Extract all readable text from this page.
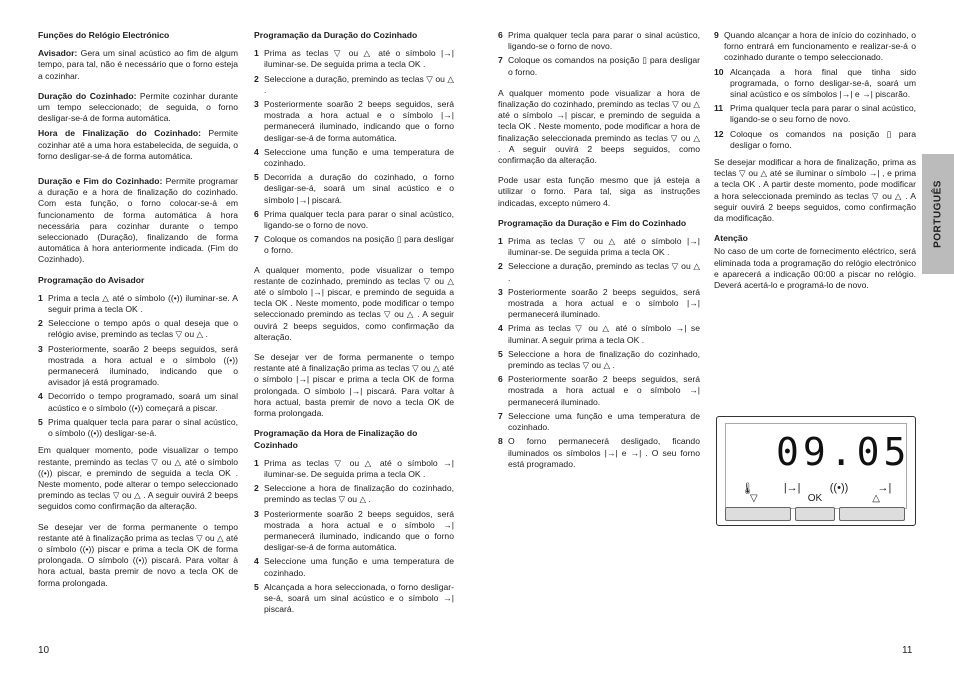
Funções do Relógio Electrónico

Avisador: Gera um sinal acústico ao fim de algum tempo, para tal, não é necessário que o forno esteja a cozinhar.

Duração do Cozinhado: Permite cozinhar durante um tempo seleccionado; de seguida, o forno desligar-se-á de forma automática.

Hora de Finalização do Cozinhado: Permite cozinhar até a uma hora estabelecida, de seguida, o forno desligar-se-á de forma automática.

Duração e Fim do Cozinhado: Permite programar a duração e a hora de finalização do cozinhado. Com esta função, o forno colocar-se-á em funcionamento de forma automática à hora necessária para cozinhar durante o tempo seleccionado (Duração), finalizando de forma automática à hora anteriormente indicada. (Fim do Cozinhado).

Programação do Avisador
1 Prima a tecla △ até o símbolo ((•)) iluminar-se. A seguir prima a tecla OK .
2 Seleccione o tempo após o qual deseja que o relógio avise, premindo as teclas ▽ ou △ .
3 Posteriormente, soarão 2 beeps seguidos, será mostrada a hora actual e o símbolo ((•)) permanecerá iluminado, indicando que o avisador já está programado.
4 Decorrido o tempo programado, soará um sinal acústico e o símbolo ((•)) começará a piscar.
5 Prima qualquer tecla para parar o sinal acústico, o símbolo ((•)) desligar-se-á.

Em qualquer momento, pode visualizar o tempo restante, premindo as teclas ▽ ou △ até o símbolo ((•)) piscar, e premindo de seguida a tecla OK . Neste momento, pode alterar o tempo seleccionado premindo as teclas ▽ ou △ . A seguir ouvirá 2 beeps seguidos como confirmação da alteração.

Se desejar ver de forma permanente o tempo restante até à finalização prima as teclas ▽ ou △ até o símbolo ((•)) piscar e prima a tecla OK de forma prolongada. O símbolo ((•)) piscará. Para voltar à hora actual, basta premir de novo a tecla OK de forma prolongada.

10
Programação da Duração do Cozinhado
1 Prima as teclas ▽ ou △ até o símbolo |→| iluminar-se. De seguida prima a tecla OK .
2 Seleccione a duração, premindo as teclas ▽ ou △ .
3 Posteriormente soarão 2 beeps seguidos, será mostrada a hora actual e o símbolo |→| permanecerá iluminado, indicando que o forno desligar-se-á de forma automática.
4 Seleccione uma função e uma temperatura de cozinhado.
5 Decorrida a duração do cozinhado, o forno desligar-se-á, soará um sinal acústico e o símbolo |→| piscará.
6 Prima qualquer tecla para parar o sinal acústico, ligando-se o forno de novo.
7 Coloque os comandos na posição ▯ para desligar o forno.

A qualquer momento, pode visualizar o tempo restante de cozinhado, premindo as teclas ▽ ou △ até o símbolo |→| piscar, e premindo de seguida a tecla OK . Neste momento, pode modificar o tempo seleccionado premindo as teclas ▽ ou △ . A seguir ouvirá 2 beeps seguidos, como confirmação da alteração.

Se desejar ver de forma permanente o tempo restante até à finalização prima as teclas ▽ ou △ até o símbolo |→| piscar e prima a tecla OK de forma prolongada. O símbolo |→| piscará. Para voltar à hora actual, basta premir de novo a tecla OK de forma prolongada.

Programação da Hora de Finalização do Cozinhado
1 Prima as teclas ▽ ou △ até o símbolo →| iluminar-se. De seguida prima a tecla OK .
2 Seleccione a hora de finalização do cozinhado, premindo as teclas ▽ ou △ .
3 Posteriormente soarão 2 beeps seguidos, será mostrada a hora actual e o símbolo →| permanecerá iluminado, indicando que o forno desligar-se-á de forma automática.
4 Seleccione uma função e uma temperatura de cozinhado.
5 Alcançada a hora seleccionada, o forno desligar-se-á, soará um sinal acústico e o símbolo →| piscará.
6 Prima qualquer tecla para parar o sinal acústico, ligando-se o forno de novo.
7 Coloque os comandos na posição ▯ para desligar o forno.

A qualquer momento pode visualizar a hora de finalização do cozinhado, premindo as teclas ▽ ou △ até o símbolo →| piscar, e premindo de seguida a tecla OK . Neste momento, pode modificar a hora de finalização seleccionada premindo as teclas ▽ ou △ . A seguir ouvirá 2 beeps seguidos, como confirmação da alteração.

Pode usar esta função mesmo que já esteja a utilizar o forno. Para tal, siga as instruções indicadas, excepto número 4.

Programação da Duração e Fim do Cozinhado
1 Prima as teclas ▽ ou △ até o símbolo |→| iluminar-se. De seguida prima a tecla OK .
2 Seleccione a duração, premindo as teclas ▽ ou △ .
3 Posteriormente soarão 2 beeps seguidos, será mostrada a hora actual e o símbolo |→| permanecerá iluminado.
4 Prima as teclas ▽ ou △ até o símbolo →| se iluminar. A seguir prima a tecla OK .
5 Seleccione a hora de finalização do cozinhado, premindo as teclas ▽ ou △ .
6 Posteriormente soarão 2 beeps seguidos, será mostrada a hora actual e o símbolo →| permanecerá iluminado.
7 Seleccione uma função e uma temperatura de cozinhado.
8 O forno permanecerá desligado, ficando iluminados os símbolos |→| e →| . O seu forno está programado.
9 Quando alcançar a hora de início do cozinhado, o forno entrará em funcionamento e realizar-se-á o cozinhado durante o tempo seleccionado.
10 Alcançada a hora final que tinha sido programada, o forno desligar-se-á, soará um sinal acústico e os símbolos |→| e →| piscarão.
11 Prima qualquer tecla para parar o sinal acústico, ligando-se o seu forno de novo.
12 Coloque os comandos na posição ▯ para desligar o forno.

Se desejar modificar a hora de finalização, prima as teclas ▽ ou △ até se iluminar o símbolo →| , e prima a tecla OK . A partir deste momento, pode modificar a hora seleccionada premindo as teclas ▽ ou △ . A seguir ouvirá 2 beeps seguidos, como confirmação da modificação.

Atenção

No caso de um corte de fornecimento eléctrico, será eliminada toda a programação do relógio electrónico e aparecerá a indicação 00:00 a piscar no relógio. Deverá acertá-lo e programá-lo de novo.

11
PORTUGUÊS
09.05
🌡	|→|	((•))	→|
▽	OK	△
